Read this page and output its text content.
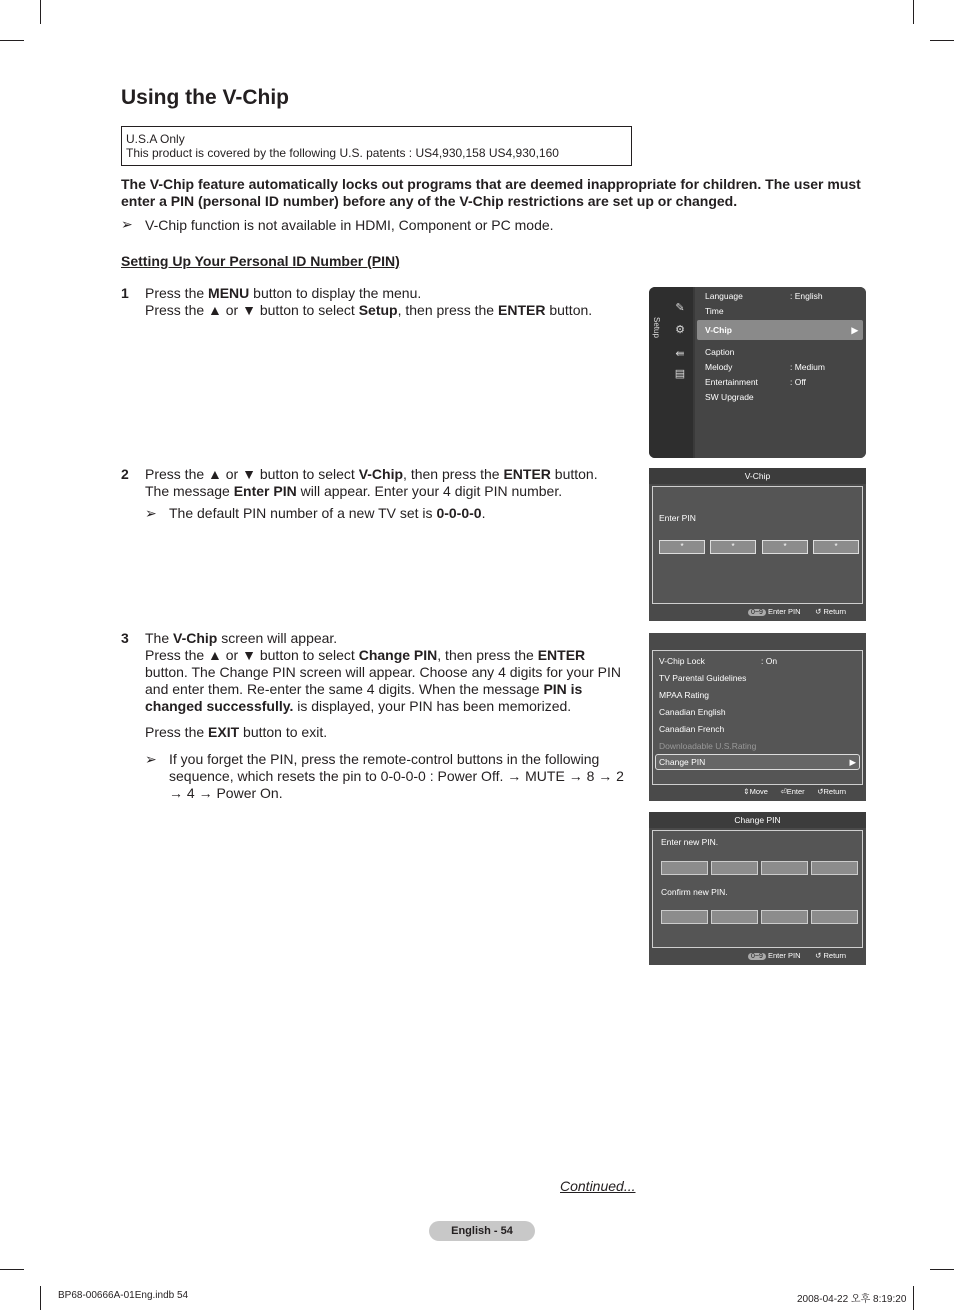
Using the V-Chip
U.S.A Only
This product is covered by the following U.S. patents : US4,930,158 US4,930,160
The V-Chip feature automatically locks out programs that are deemed inappropriate for children. The user must enter a PIN (personal ID number) before any of the V-Chip restrictions are set up or changed.
➢ V-Chip function is not available in HDMI, Component or PC mode.
Setting Up Your Personal ID Number (PIN)
1 Press the MENU button to display the menu.
Press the ▲ or ▼ button to select Setup, then press the ENTER button.
2 Press the ▲ or ▼ button to select V-Chip, then press the ENTER button.
The message Enter PIN will appear. Enter your 4 digit PIN number.
➢ The default PIN number of a new TV set is 0-0-0-0.
3 The V-Chip screen will appear.
Press the ▲ or ▼ button to select Change PIN, then press the ENTER button. The Change PIN screen will appear. Choose any 4 digits for your PIN and enter them. Re-enter the same 4 digits. When the message PIN is changed successfully. is displayed, your PIN has been memorized.
Press the EXIT button to exit.
➢ If you forget the PIN, press the remote-control buttons in the following sequence, which resets the pin to 0-0-0-0 : Power Off. → MUTE → 8 → 2 → 4 → Power On.
Setup
✎
⚙
⇚
▤
Language	: English
Time
V-Chip	▶
Caption
Melody	: Medium
Entertainment	: Off
SW Upgrade
V-Chip
Enter PIN
*	*	*	*
0~9 Enter PIN ↺ Return
V-Chip Lock	: On
TV Parental Guidelines
MPAA Rating
Canadian English
Canadian French
Downloadable U.S.Rating
Change PIN	▶
⇕Move ⏎Enter ↺Return
Change PIN
Enter new PIN.
Confirm new PIN.
0~9 Enter PIN ↺ Return
Continued...
English - 54
BP68-00666A-01Eng.indb 54	2008-04-22 오후 8:19:20
